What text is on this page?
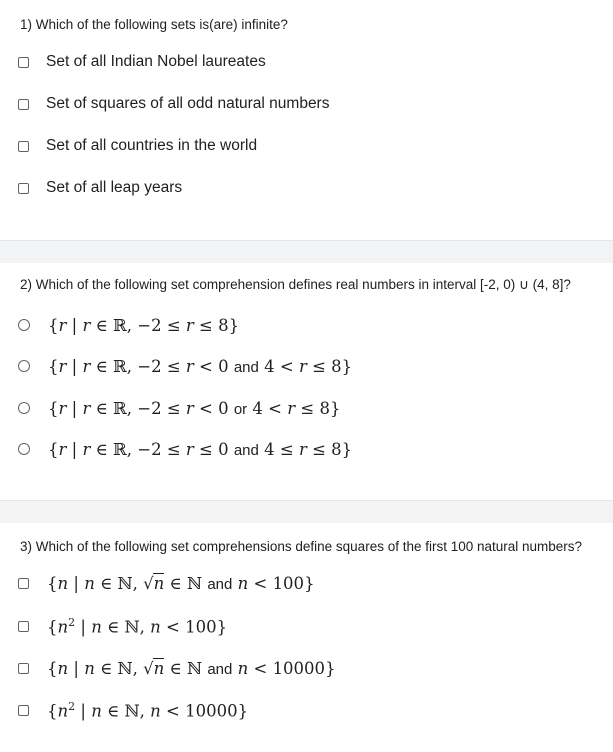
1) Which of the following sets is(are) infinite?
Set of all Indian Nobel laureates
Set of squares of all odd natural numbers
Set of all countries in the world
Set of all leap years
2) Which of the following set comprehension defines real numbers in interval [-2, 0) ∪ (4, 8]?
{r | r ∈ ℝ, −2 ≤ r ≤ 8}
{r | r ∈ ℝ, −2 ≤ r < 0 and 4 < r ≤ 8}
{r | r ∈ ℝ, −2 ≤ r < 0 or 4 < r ≤ 8}
{r | r ∈ ℝ, −2 ≤ r ≤ 0 and 4 ≤ r ≤ 8}
3) Which of the following set comprehensions define squares of the first 100 natural numbers?
{n | n ∈ ℕ, √n ∈ ℕ and n < 100}
{$n^2$ | n ∈ ℕ, n < 100}
{n | n ∈ ℕ, √n ∈ ℕ and n < 10000}
{$n^2$ | n ∈ ℕ, n < 10000}
